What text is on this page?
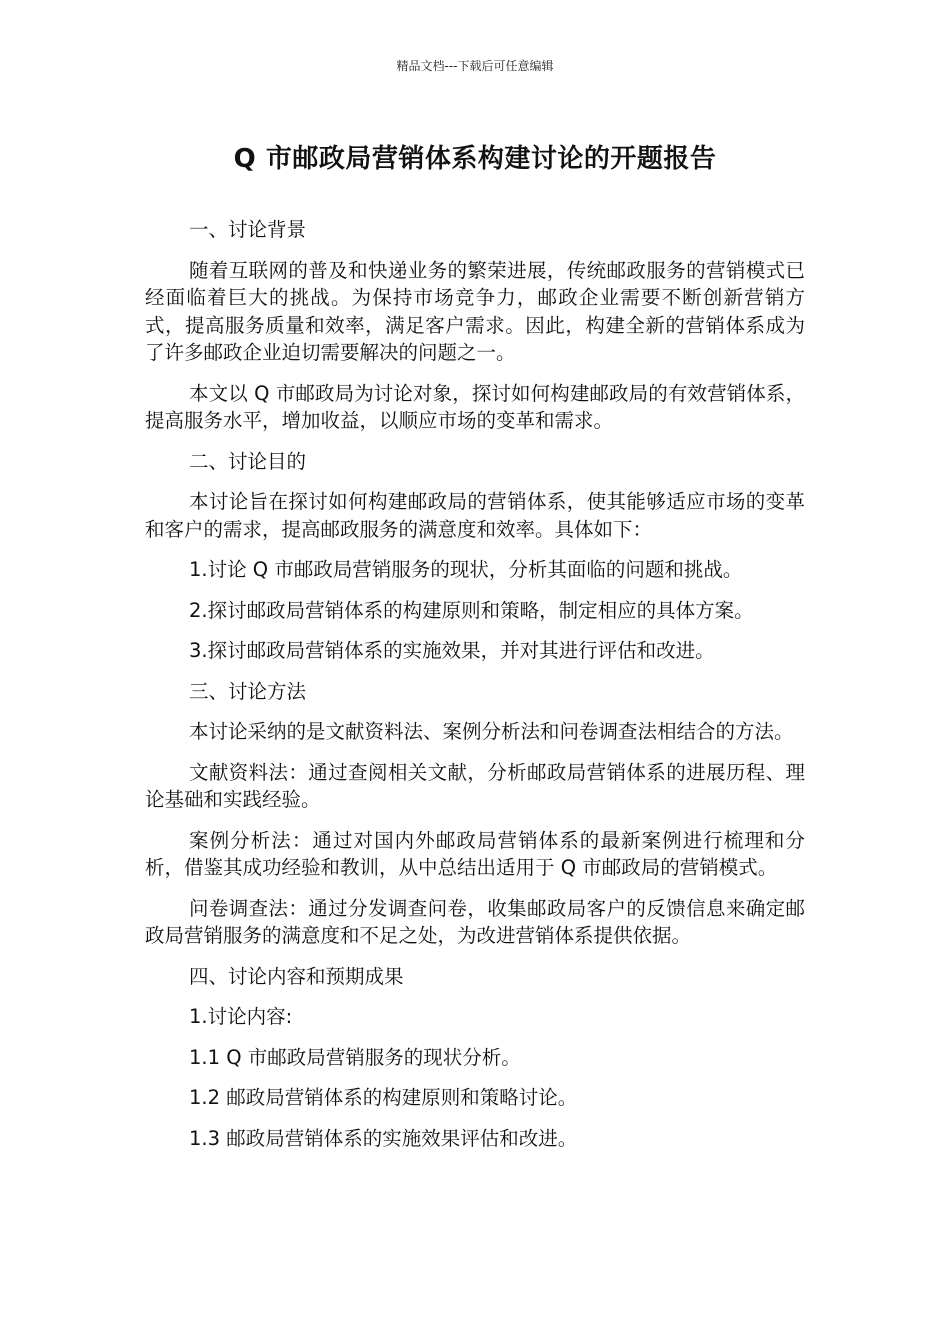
精品文档---下载后可任意编辑
Q 市邮政局营销体系构建讨论的开题报告

一、讨论背景

随着互联网的普及和快递业务的繁荣进展，传统邮政服务的营销模式已经面临着巨大的挑战。为保持市场竞争力，邮政企业需要不断创新营销方式，提高服务质量和效率，满足客户需求。因此，构建全新的营销体系成为了许多邮政企业迫切需要解决的问题之一。

本文以 Q 市邮政局为讨论对象，探讨如何构建邮政局的有效营销体系，提高服务水平，增加收益，以顺应市场的变革和需求。

二、讨论目的

本讨论旨在探讨如何构建邮政局的营销体系，使其能够适应市场的变革和客户的需求，提高邮政服务的满意度和效率。具体如下：

1.讨论 Q 市邮政局营销服务的现状，分析其面临的问题和挑战。

2.探讨邮政局营销体系的构建原则和策略，制定相应的具体方案。

3.探讨邮政局营销体系的实施效果，并对其进行评估和改进。

三、讨论方法

本讨论采纳的是文献资料法、案例分析法和问卷调查法相结合的方法。

文献资料法：通过查阅相关文献，分析邮政局营销体系的进展历程、理论基础和实践经验。

案例分析法：通过对国内外邮政局营销体系的最新案例进行梳理和分析，借鉴其成功经验和教训，从中总结出适用于 Q 市邮政局的营销模式。

问卷调查法：通过分发调查问卷，收集邮政局客户的反馈信息来确定邮政局营销服务的满意度和不足之处，为改进营销体系提供依据。

四、讨论内容和预期成果

1.讨论内容:

1.1 Q 市邮政局营销服务的现状分析。

1.2 邮政局营销体系的构建原则和策略讨论。

1.3 邮政局营销体系的实施效果评估和改进。
